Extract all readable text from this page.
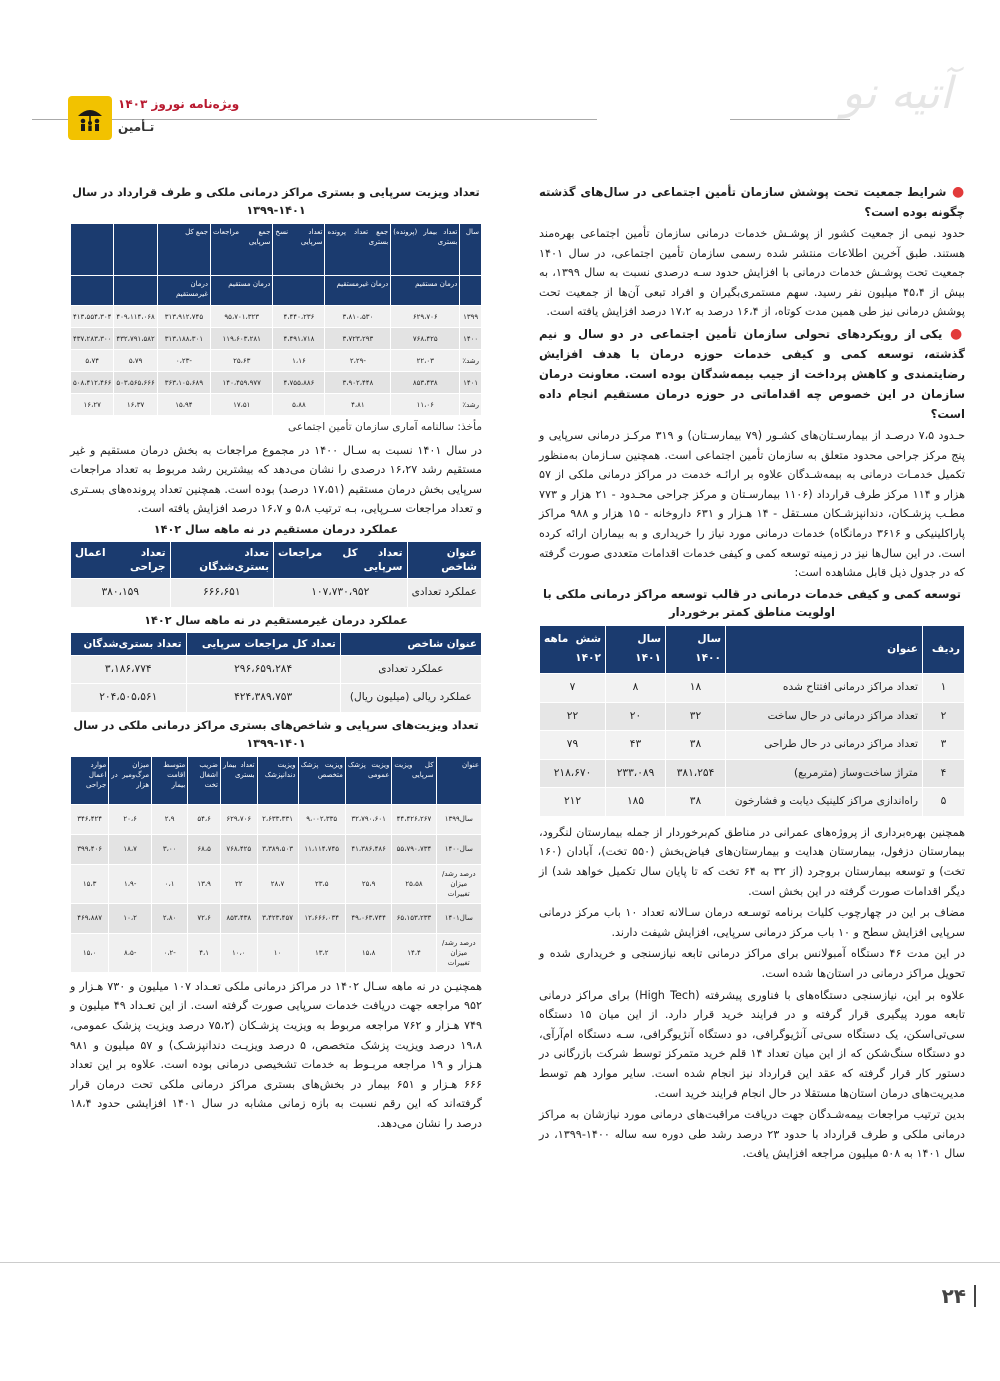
آتیه نو
ویژه‌نامه نوروز ۱۴۰۳
تـأمین
● شرایط جمعیت تحت پوشش سازمان تأمین اجتماعی در سال‌های گذشته چگونه بوده است؟

حدود نیمی از جمعیت کشور از پوشـش خدمات درمانی سازمان تأمین اجتماعی بهره‌مند هستند. طبق آخرین اطلاعات منتشر شده رسمی سازمان تأمین اجتماعی، در سال ۱۴۰۱ جمعیت تحت پوشـش خدمات درمانی با افزایش حدود سـه درصدی نسبت به سال ۱۳۹۹، به بیش از ۴۵،۴ میلیون نفر رسید. سهم مستمری‌بگیران و افراد تبعی آن‌ها از جمعیت تحت پوشش درمانی نیز طی همین مدت کوتاه، از ۱۶،۴ درصد به ۱۷،۲ درصد افزایش یافته است.

● یکی از رویکردهای تحولی سازمان تأمین اجتماعی در دو سال و نیم گذشته، توسعه کمی و کیفی خدمات حوزه درمان با هدف افزایش رضایتمندی و کاهش پرداخت از جیب بیمه‌شدگان بوده است. معاونت درمان سازمان در این خصوص چه اقداماتی در حوزه درمان مستقیم انجام داده است؟

حـدود ۷،۵ درصـد از بیمارسـتان‌های کشـور (۷۹ بیمارسـتان) و ۳۱۹ مرکـز درمانی سرپایی و پنج مرکز جراحی محدود متعلق به سازمان تأمین اجتماعی است. همچنین سـازمان به‌منظور تکمیل خدمـات درمانی به بیمه‌شـدگان علاوه بر ارائـه خدمت در مراکز درمانی ملکی از ۵۷ هزار و ۱۱۴ مرکز طرف قرارداد (۱۱۰۶ بیمارسـتان و مرکز جراحی محـدود - ۲۱ هزار و ۷۷۳ مطـب پزشـکان، دندانپزشـکان مسـتقل - ۱۴ هـزار و ۶۳۱ داروخانه - ۱۵ هزار و ۹۸۸ مراکز پاراکلینیکی و ۳۶۱۶ درمانگاه) خدمات درمانی مورد نیاز را خریداری و به بیماران ارائه کرده است. در این سال‌ها نیز در زمینه توسعه کمی و کیفی خدمات اقدامات متعددی صورت گرفته که در جدول ذیل قابل مشاهده است:

توسعه کمی و کیفی خدمات درمانی در قالب توسعه مراکز درمانی ملکی با اولویت مناطق کمتر برخوردار
ردیف	عنوان	سال ۱۴۰۰	سال ۱۴۰۱	شش ماهه ۱۴۰۲
۱	تعداد مراکز درمانی افتتاح شده	۱۸	۸	۷
۲	تعداد مراکز درمانی در حال ساخت	۳۲	۲۰	۲۲
۳	تعداد مراکز درمانی در حال طراحی	۳۸	۴۳	۷۹
۴	متراژ ساخت‌وساز (مترمربع)	۳۸۱،۲۵۴	۲۳۳،۰۸۹	۲۱۸،۶۷۰
۵	راه‌اندازی مراکز کلینیک دیابت و فشارخون	۳۸	۱۸۵	۲۱۲

همچنین بهره‌برداری از پروژه‌های عمرانی در مناطق کم‌برخوردار از جمله بیمارستان لنگرود، بیمارستان دزفول، بیمارستان هدایت و بیمارستان‌های فیاض‌بخش (۵۵۰ تخت)، آبادان (۱۶۰ تخت) و توسعه بیمارستان بروجرد (از ۳۲ به ۶۴ تخت که تا پایان سال تکمیل خواهد شد) از دیگر اقدامات صورت گرفته در این بخش است.

مضاف بر این در چهارچوب کلیات برنامه توسـعه درمان سـالانه تعداد ۱۰ باب مرکز درمانی سرپایی افزایش سطح و ۱۰ باب مرکز درمانی سرپایی، افزایش شیفت دارند.

در این مدت ۴۶ دستگاه آمبولانس برای مراکز درمانی تابعه نیازسنجی و خریداری شده و تحویل مراکز درمانی در استان‌ها شده است.

علاوه بر این، نیازسنجی دستگاه‌های با فناوری پیشرفته (High Tech) برای مراکز درمانی تابعه مورد پیگیری قرار گرفته و در فرایند خرید قرار دارد. از این میان ۱۵ دستگاه سی‌تی‌اسکن، یک دستگاه سی‌تی آنژیوگرافی، دو دستگاه آنژیوگرافی، سـه دستگاه ام‌آر‌آی، دو دستگاه سنگ‌شکن که از این میان تعداد ۱۴ قلم خرید متمرکز توسط شرکت بازرگانی در دستور کار قرار گرفته که عقد این قرارداد نیز انجام شده است. سایر موارد هم توسط مدیریت‌های درمان استان‌ها مستقلا در حال انجام فرایند خرید است.

بدین ترتیب مراجعات بیمه‌شـدگان جهت دریافت مراقبت‌های درمانی مورد نیازشان به مراکز درمانی ملکی و طرف قرارداد با حدود ۲۳ درصد رشد طی دوره سه ساله ۱۴۰۰-۱۳۹۹، در سال ۱۴۰۱ به ۵۰۸ میلیون مراجعه افزایش یافت.

تعداد ویزیت سرپایی و بستری مراکز درمانی ملکی و طرف قرارداد در سال ۱۴۰۱-۱۳۹۹
سال	تعداد بیمار (پرونده) بستری	جمع تعداد پرونده بستری	تعداد نسخ سرپایی	جمع مراجعات سرپایی	جمع کل		
	درمان مستقیم	درمان غیرمستقیم		درمان مستقیم	درمان غیرمستقیم		
۱۳۹۹	۶۲۹،۷۰۶	۳،۸۱۰،۵۳۰	۴،۴۴۰،۲۳۶	۹۵،۷۰۱،۳۲۳	۳۱۳،۹۱۲،۷۴۵	۴۰۹،۱۱۴،۰۶۸	۴۱۳،۵۵۴،۳۰۴
۱۴۰۰	۷۶۸،۴۲۵	۳،۷۲۳،۲۹۳	۴،۴۹۱،۷۱۸	۱۱۹،۶۰۳،۲۸۱	۳۱۳،۱۸۸،۳۰۱	۴۳۲،۷۹۱،۵۸۲	۴۳۷،۲۸۳،۳۰۰
رشد٪	۲۲،۰۳	-۲،۲۹	۱،۱۶	۲۵،۶۳	-۰،۲۳	۵،۷۹	۵،۷۴
۱۴۰۱	۸۵۳،۴۳۸	۳،۹۰۲،۴۴۸	۴،۷۵۵،۸۸۶	۱۴۰،۴۵۹،۹۷۷	۳۶۳،۱۰۵،۶۸۹	۵۰۳،۵۶۵،۶۶۶	۵۰۸،۴۱۲،۴۶۶
رشد٪	۱۱،۰۶	۴،۸۱	۵،۸۸	۱۷،۵۱	۱۵،۹۴	۱۶،۳۷	۱۶،۲۷
مأخذ: سالنامه آماری سازمان تأمین اجتماعی

در سال ۱۴۰۱ نسبت به سـال ۱۴۰۰ در مجموع مراجعات به بخش درمان مستقیم و غیر مستقیم رشد ۱۶،۲۷ درصدی را نشان می‌دهد که بیشترین رشد مربوط به تعداد مراجعات سرپایی بخش درمان مستقیم (۱۷،۵۱ درصد) بوده است. همچنین تعداد پرونده‌های بسـتری و تعداد مراجعات سـرپایی، بـه ترتیب ۵،۸ و ۱۶،۷ درصد افزایش یافته است.

عملکرد درمان مستقیم در نه ماهه سال ۱۴۰۲
عنوان شاخص	تعداد کل مراجعات سرپایی	تعداد بستری‌شدگان	تعداد اعمال جراحی
عملکرد تعدادی	۱۰۷،۷۳۰،۹۵۲	۶۶۶،۶۵۱	۳۸۰،۱۵۹
عملکرد درمان غیرمستقیم در نه ماهه سال ۱۴۰۲
عنوان شاخص	تعداد کل مراجعات سرپایی	تعداد بستری‌شدگان
عملکرد تعدادی	۲۹۶،۶۵۹،۲۸۴	۳،۱۸۶،۷۷۴
عملکرد ریالی (میلیون ریال)	۴۲۴،۳۸۹،۷۵۳	۲۰۴،۵۰۵،۵۶۱
تعداد ویزیت‌های سرپایی و شاخص‌های بستری مراکز درمانی ملکی در سال ۱۴۰۱-۱۳۹۹
عنوان	کل ویزیت سرپایی	ویزیت پزشک عمومی	ویزیت پزشک متخصص	ویزیت دندانپزشک	تعداد بیمار بستری	ضریب اشغال تخت	متوسط اقامت بیمار	میزان مرگ‌ومیر در هزار	موارد اعمال جراحی
سال۱۳۹۹	۴۴،۴۲۶،۲۶۷	۳۲،۷۹۰،۶۰۱	۹،۰۰۲،۳۳۵	۲،۶۳۳،۳۳۱	۶۲۹،۷۰۶	۵۴،۶	۲،۹	۲۰،۶	۳۴۶،۴۲۴
سال۱۴۰۰	۵۵،۷۹۰،۷۳۴	۴۱،۳۸۶،۴۸۶	۱۱،۱۱۴،۷۴۵	۳،۳۸۹،۵۰۳	۷۶۸،۴۲۵	۶۸،۵	۳،۰۰	۱۸،۷	۳۹۹،۴۰۶
درصد رشد/ میزان تغییرات	۲۵،۵۸	۲۵،۹	۲۳،۵	۲۸،۷	۲۲	۱۳،۹	۰،۱	-۱،۹	۱۵،۳
سال۱۴۰۱	۶۵،۱۵۳،۲۳۳	۴۹،۰۶۳،۷۴۴	۱۲،۶۶۶،۰۳۴	۳،۴۲۳،۴۵۷	۸۵۳،۴۳۸	۷۲،۶	۲،۸۰	۱۰،۲	۴۶۹،۸۸۷
درصد رشد/ میزان تغییرات	۱۴،۴	۱۵،۸	۱۳،۲	۱۰	۱۰،۰	۴،۱	-۰،۲	-۸،۵	۱۵،۰

همچنیـن در نه ماهه سـال ۱۴۰۲ در مراکز درمانی ملکی تعـداد ۱۰۷ میلیون و ۷۳۰ هـزار و ۹۵۲ مراجعه جهت دریافت خدمات سرپایی صورت گرفته است. از این تعـداد ۴۹ میلیون و ۷۴۹ هـزار و ۷۶۲ مراجعه مربوط به ویزیت پزشـکان (۷۵،۲ درصد ویزیت پزشک عمومی، ۱۹،۸ درصد ویزیت پزشک متخصص، ۵ درصد ویزیـت دندانپزشـک) و ۵۷ میلیون و ۹۸۱ هـزار و ۱۹ مراجعه مربـوط به خدمات تشخیصی درمانی بوده است. علاوه بر این تعداد ۶۶۶ هـزار و ۶۵۱ بیمار در بخش‌های بستری مراکز درمانی ملکی تحت درمان قرار گرفته‌اند که این رقم نسبت به بازه زمانی مشابه در سال ۱۴۰۱ افزایشی حدود ۱۸،۴ درصد را نشان می‌دهد.

۲۴
